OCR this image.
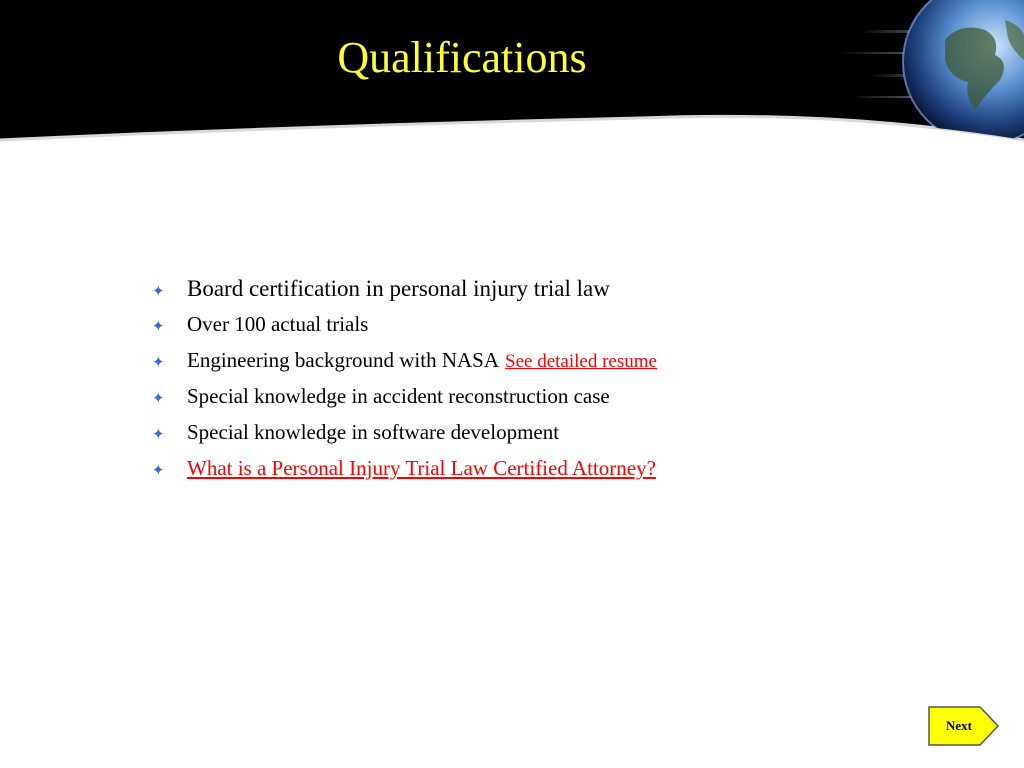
Qualifications
✦ Board certification in personal injury trial law
✦	Over 100 actual trials
✦	Engineering background with NASA See detailed resume
✦	Special knowledge in accident reconstruction case
✦	Special knowledge in software development
✦	What is a Personal Injury Trial Law Certified Attorney?
Next
